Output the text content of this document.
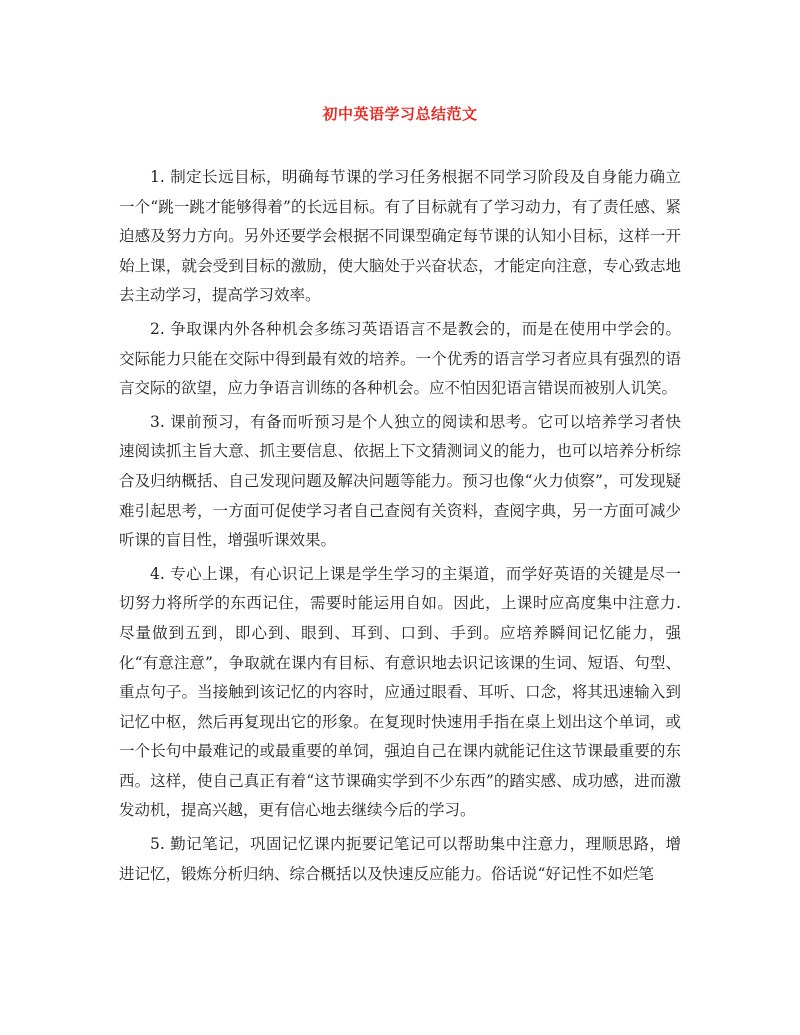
初中英语学习总结范文

1. 制定长远目标，明确每节课的学习任务根据不同学习阶段及自身能力确立一个“跳一跳才能够得着”的长远目标。有了目标就有了学习动力，有了责任感、紧迫感及努力方向。另外还要学会根据不同课型确定每节课的认知小目标，这样一开始上课，就会受到目标的激励，使大脑处于兴奋状态，才能定向注意，专心致志地去主动学习，提高学习效率。

2. 争取课内外各种机会多练习英语语言不是教会的，而是在使用中学会的。交际能力只能在交际中得到最有效的培养。一个优秀的语言学习者应具有强烈的语言交际的欲望，应力争语言训练的各种机会。应不怕因犯语言错误而被别人讥笑。

3. 课前预习，有备而听预习是个人独立的阅读和思考。它可以培养学习者快速阅读抓主旨大意、抓主要信息、依据上下文猜测词义的能力，也可以培养分析综合及归纳概括、自己发现问题及解决问题等能力。预习也像“火力侦察”，可发现疑难引起思考，一方面可促使学习者自己查阅有关资料，查阅字典，另一方面可减少听课的盲目性，增强听课效果。

4. 专心上课，有心识记上课是学生学习的主渠道，而学好英语的关键是尽一切努力将所学的东西记住，需要时能运用自如。因此，上课时应高度集中注意力.尽量做到五到，即心到、眼到、耳到、口到、手到。应培养瞬间记忆能力，强化“有意注意”，争取就在课内有目标、有意识地去识记该课的生词、短语、句型、重点句子。当接触到该记忆的内容时，应通过眼看、耳听、口念，将其迅速输入到记忆中枢，然后再复现出它的形象。在复现时快速用手指在桌上划出这个单词，或一个长句中最难记的或最重要的单饲，强迫自己在课内就能记住这节课最重要的东西。这样，使自己真正有着“这节课确实学到不少东西”的踏实感、成功感，进而激发动机，提高兴越，更有信心地去继续今后的学习。

5. 勤记笔记，巩固记忆课内扼要记笔记可以帮助集中注意力，理顺思路，增进记忆，锻炼分析归纳、综合概括以及快速反应能力。俗话说“好记性不如烂笔
